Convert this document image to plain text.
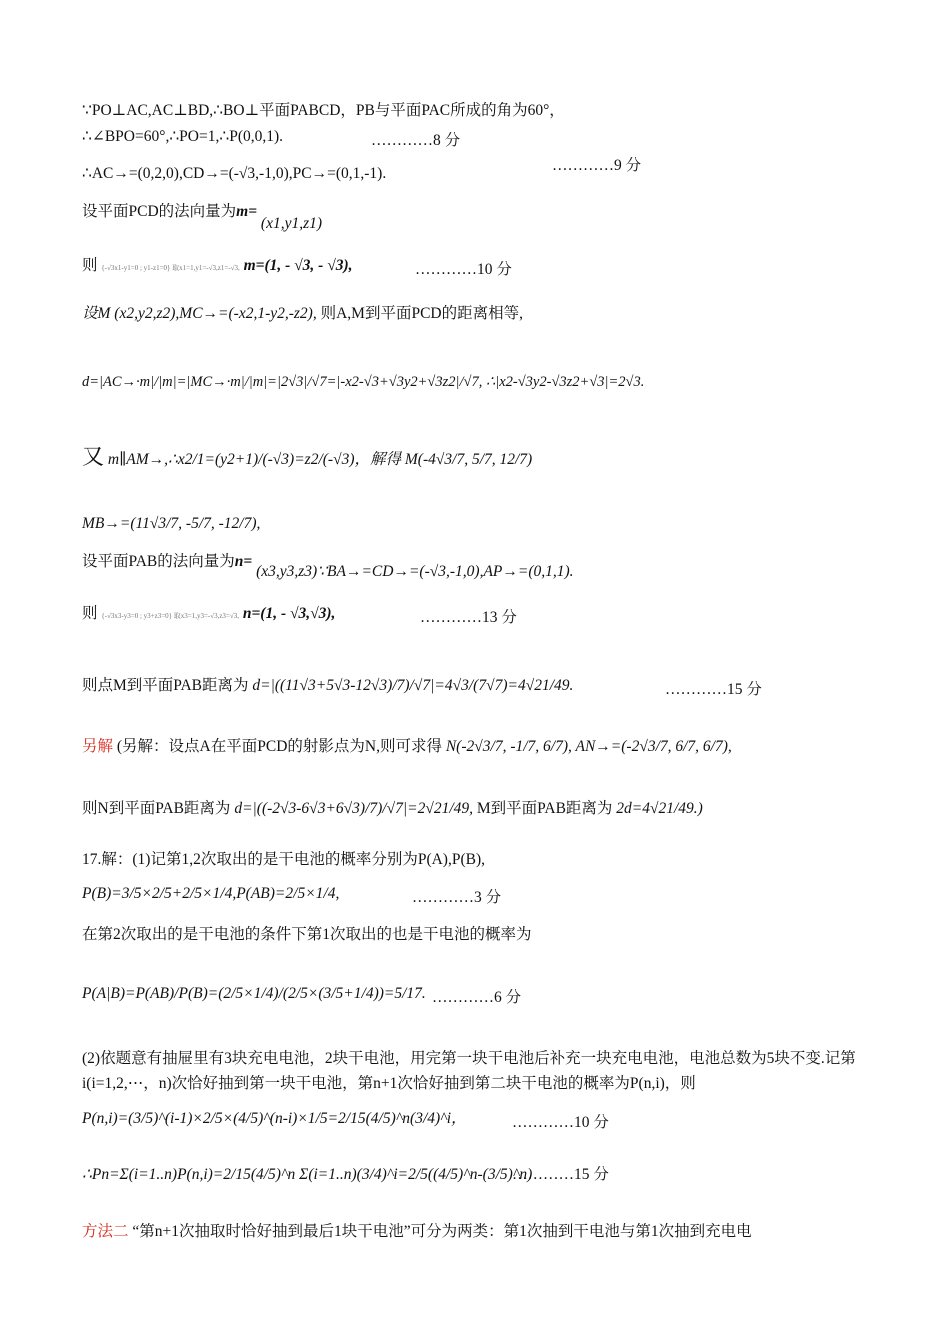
∵PO⊥AC,AC⊥BD,∴BO⊥平面PABCD，PB与平面PAC所成的角为60°，
∴∠BPO=60°,∴PO=1,∴P(0,0,1).	…………8 分
∴AC→=(0,2,0),CD→=(-√3,-1,0),PC→=(0,1,-1).	…………9 分
设平面PCD的法向量为m= (x1,y1,z1)
则 {-√3x1-y1=0 ; y1-z1=0} 取x1=1,y1=-√3,z1=-√3, m=(1, - √3, - √3),	…………10 分
设M (x2,y2,z2),MC→=(-x2,1-y2,-z2), 则A,M到平面PCD的距离相等,
d=|AC→·m|/|m|=|MC→·m|/|m|=|2√3|/√7=|-x2-√3+√3y2+√3z2|/√7, ∴|x2-√3y2-√3z2+√3|=2√3.
又 m∥AM→,∴x2/1=(y2+1)/(-√3)=z2/(-√3)，解得 M(-4√3/7, 5/7, 12/7)
MB→=(11√3/7, -5/7, -12/7),
设平面PAB的法向量为n= (x3,y3,z3)∵BA→=CD→=(-√3,-1,0),AP→=(0,1,1).
则 {-√3x3-y3=0 ; y3+z3=0} 取x3=1,y3=-√3,z3=√3, n=(1, - √3,√3),	…………13 分
则点M到平面PAB距离为 d=|((11√3+5√3-12√3)/7)/√7|=4√3/(7√7)=4√21/49.	…………15 分
另解 (另解：设点A在平面PCD的射影点为N,则可求得 N(-2√3/7, -1/7, 6/7), AN→=(-2√3/7, 6/7, 6/7),
则N到平面PAB距离为 d=|((-2√3-6√3+6√3)/7)/√7|=2√21/49, M到平面PAB距离为 2d=4√21/49.)
17.解：(1)记第1,2次取出的是干电池的概率分别为P(A),P(B),
P(B)=3/5×2/5+2/5×1/4,P(AB)=2/5×1/4,	…………3 分
在第2次取出的是干电池的条件下第1次取出的也是干电池的概率为
P(A|B)=P(AB)/P(B)=(2/5×1/4)/(2/5×(3/5+1/4))=5/17. …………6 分
(2)依题意有抽屉里有3块充电电池，2块干电池，用完第一块干电池后补充一块充电电池，电池总数为5块不变.记第i(i=1,2,⋯，n)次恰好抽到第一块干电池，第n+1次恰好抽到第二块干电池的概率为P(n,i)，则
P(n,i)=(3/5)^(i-1)×2/5×(4/5)^(n-i)×1/5=2/15(4/5)^n(3/4)^i，	…………10 分
∴Pn=Σ(i=1..n)P(n,i)=2/15(4/5)^n Σ(i=1..n)(3/4)^i=2/5((4/5)^n-(3/5)^n)
…………15 分
方法二 “第n+1次抽取时恰好抽到最后1块干电池”可分为两类：第1次抽到干电池与第1次抽到充电电
